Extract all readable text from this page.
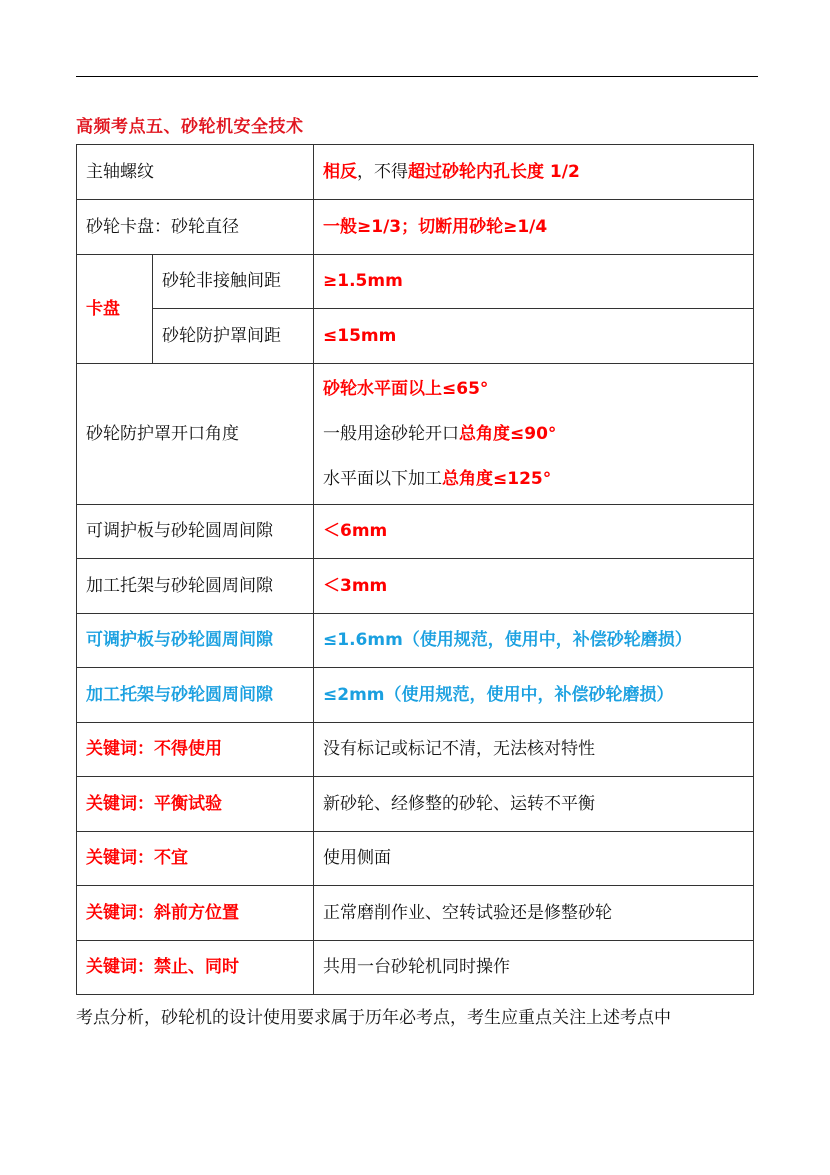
高频考点五、砂轮机安全技术
主轴螺纹		相反，不得超过砂轮内孔长度 1/2
砂轮卡盘：砂轮直径		一般≥1/3；切断用砂轮≥1/4
卡盘	砂轮非接触间距	≥1.5mm
	砂轮防护罩间距	≤15mm
砂轮防护罩开口角度		砂轮水平面以上≤65°

一般用途砂轮开口总角度≤90°

水平面以下加工总角度≤125°

可调护板与砂轮圆周间隙		＜6mm
加工托架与砂轮圆周间隙		＜3mm
可调护板与砂轮圆周间隙		≤1.6mm（使用规范，使用中，补偿砂轮磨损）
加工托架与砂轮圆周间隙		≤2mm（使用规范，使用中，补偿砂轮磨损）
关键词：不得使用		没有标记或标记不清，无法核对特性
关键词：平衡试验		新砂轮、经修整的砂轮、运转不平衡
关键词：不宜		使用侧面
关键词：斜前方位置		正常磨削作业、空转试验还是修整砂轮
关键词：禁止、同时		共用一台砂轮机同时操作
考点分析，砂轮机的设计使用要求属于历年必考点，考生应重点关注上述考点中
